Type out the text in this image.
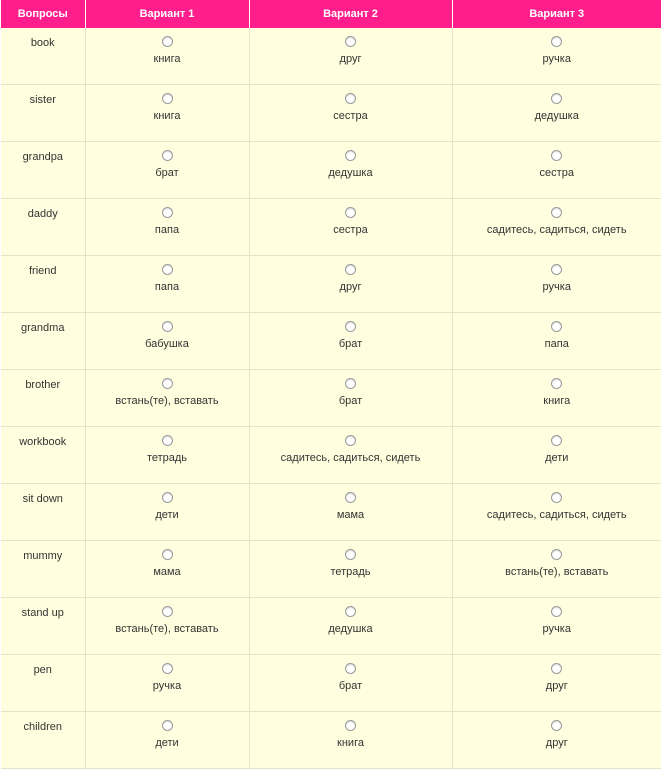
Вопросы	Вариант 1	Вариант 2	Вариант 3

book	книга	друг	ручка

sister	книга	сестра	дедушка

grandpa	брат	дедушка	сестра

daddy	папа	сестра	садитесь, садиться, сидеть

friend	папа	друг	ручка

grandma	бабушка	брат	папа

brother	встань(те), вставать	брат	книга

workbook	тетрадь	садитесь, садиться, сидеть	дети

sit down	дети	мама	садитесь, садиться, сидеть

mummy	мама	тетрадь	встань(те), вставать

stand up	встань(те), вставать	дедушка	ручка

pen	ручка	брат	друг

children	дети	книга	друг
